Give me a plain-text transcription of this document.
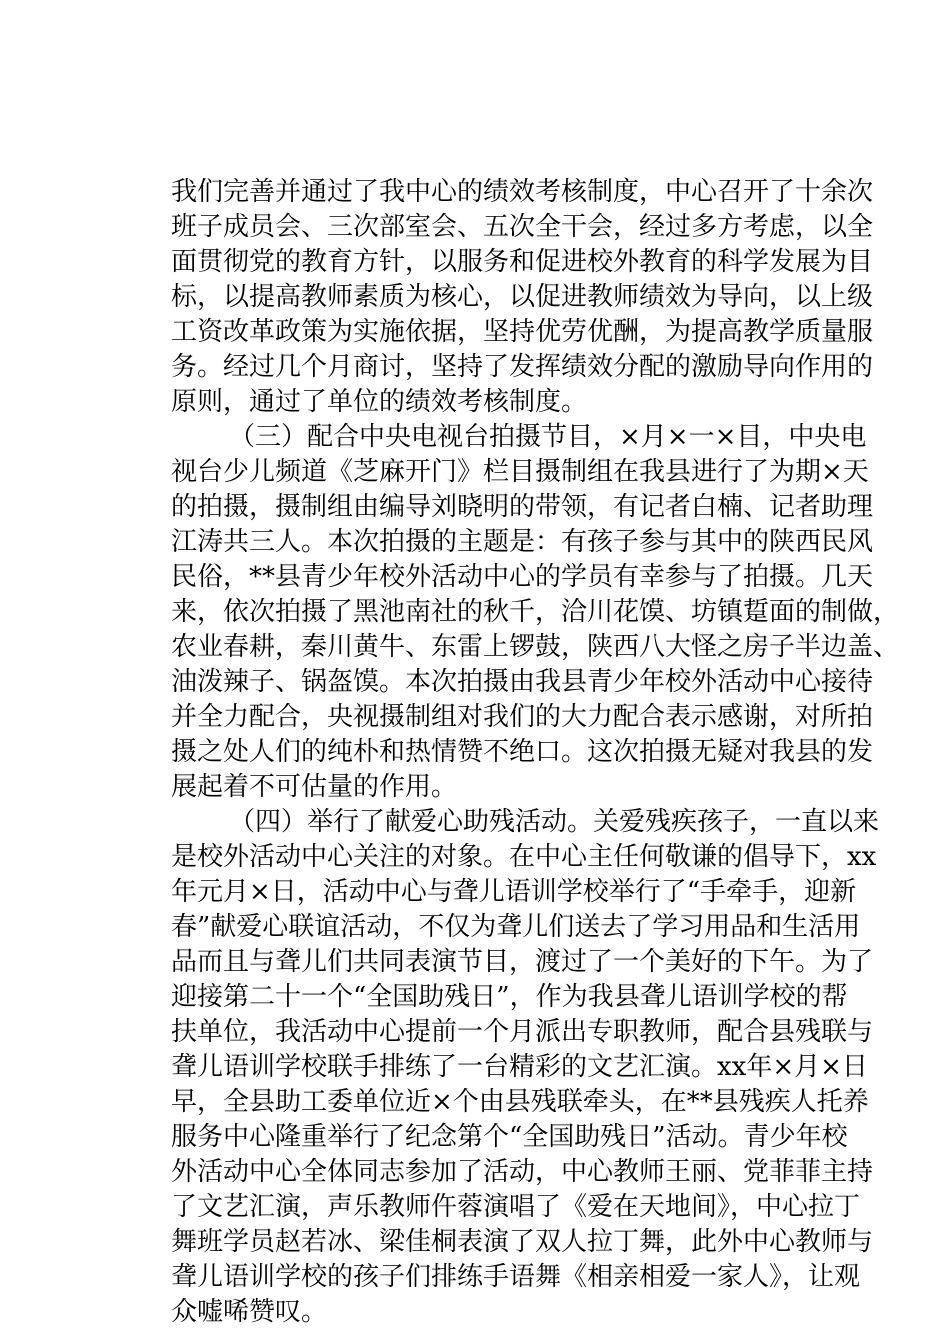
我们完善并通过了我中心的绩效考核制度，中心召开了十余次
班子成员会、三次部室会、五次全干会，经过多方考虑，以全
面贯彻党的教育方针，以服务和促进校外教育的科学发展为目
标，以提高教师素质为核心，以促进教师绩效为导向，以上级
工资改革政策为实施依据，坚持优劳优酬，为提高教学质量服
务。经过几个月商讨，坚持了发挥绩效分配的激励导向作用的
原则，通过了单位的绩效考核制度。
（三）配合中央电视台拍摄节目，×月×一×目，中央电
视台少儿频道《芝麻开门》栏目摄制组在我县进行了为期×天
的拍摄，摄制组由编导刘晓明的带领，有记者白楠、记者助理
江涛共三人。本次拍摄的主题是：有孩子参与其中的陕西民风
民俗，**县青少年校外活动中心的学员有幸参与了拍摄。几天
来，依次拍摄了黑池南社的秋千，洽川花馍、坊镇踅面的制做，
农业春耕，秦川黄牛、东雷上锣鼓，陕西八大怪之房子半边盖、
油泼辣子、锅盔馍。本次拍摄由我县青少年校外活动中心接待
并全力配合，央视摄制组对我们的大力配合表示感谢，对所拍
摄之处人们的纯朴和热情赞不绝口。这次拍摄无疑对我县的发
展起着不可估量的作用。
（四）举行了献爱心助残活动。关爱残疾孩子，一直以来
是校外活动中心关注的对象。在中心主任何敬谦的倡导下，xx
年元月×日，活动中心与聋儿语训学校举行了“手牵手，迎新
春”献爱心联谊活动，不仅为聋儿们送去了学习用品和生活用
品而且与聋儿们共同表演节目，渡过了一个美好的下午。为了
迎接第二十一个“全国助残日”，作为我县聋儿语训学校的帮
扶单位，我活动中心提前一个月派出专职教师，配合县残联与
聋儿语训学校联手排练了一台精彩的文艺汇演。xx年×月×日
早，全县助工委单位近×个由县残联牵头，在**县残疾人托养
服务中心隆重举行了纪念第个“全国助残日”活动。青少年校
外活动中心全体同志参加了活动，中心教师王丽、党菲菲主持
了文艺汇演，声乐教师仵蓉演唱了《爱在天地间》，中心拉丁
舞班学员赵若冰、梁佳桐表演了双人拉丁舞，此外中心教师与
聋儿语训学校的孩子们排练手语舞《相亲相爱一家人》，让观
众嘘唏赞叹。
